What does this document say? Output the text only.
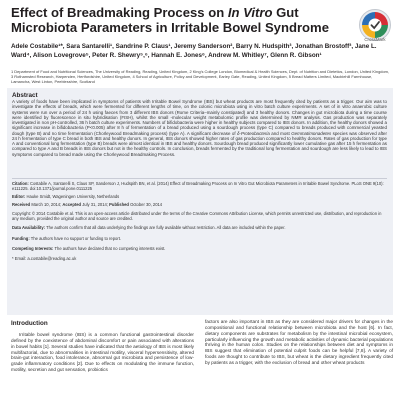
Effect of Breadmaking Process on In Vitro Gut Microbiota Parameters in Irritable Bowel Syndrome
CrossMark
Adele Costabile¹*, Sara Santarelli¹, Sandrine P. Claus¹, Jeremy Sanderson², Barry N. Hudspith³, Jonathan Brostoff³, Jane L. Ward⁴, Alison Lovegrove⁵, Peter R. Shewry⁵,⁶, Hannah E. Jones⁶, Andrew M. Whitley⁷, Glenn R. Gibson¹
1 Department of Food and Nutritional Sciences, The University of Reading, Reading, United Kingdom, 2 King's College London, Biomedical & Health Sciences, Dept. of Nutrition and Dietetics, London, United Kingdom, 3 Rothamsted Research, Harpenden, Hertfordshire, United Kingdom, 4 School of Agriculture, Policy and Development, Earley Gate, Reading, United Kingdom, 5 Bread Matters Limited, Macbiehill Farmhouse, Lamancha, West Linton, Peeblesshire, Scotland
Abstract
A variety of foods have been implicated in symptoms of patients with Irritable Bowel Syndrome (IBS) but wheat products are most frequently cited by patients as a trigger. Our aim was to investigate the effects of breads, which were fermented for different lengths of time, on the colonic microbiota using in vitro batch culture experiments. A set of in vitro anaerobic culture systems were run over a period of 24 h using faeces from 3 different IBS donors (Rome Criteria–mainly constipated) and 3 healthy donors. Changes in gut microbiota during a time course were identified by fluorescence in situ hybridisation (FISH), whilst the small -molecular weight metabolomic profile was determined by NMR analysis. Gas production was separately investigated in non pH-controlled, 36 h batch culture experiments. Numbers of bifidobacteria were higher in healthy subjects compared to IBS donors. In addition, the healthy donors showed a significant increase in bifidobacteria (P<0.005) after 8 h of fermentation of a bread produced using a sourdough process (type C) compared to breads produced with commercial yeasted dough (type B) and no time fermentation (Chorleywood Breadmaking process) (type A). A significant decrease of δ-Proteobacteria and most Gemmatimonadetes species was observed after 24 h fermentation of type C bread in both IBS and healthy donors. In general, IBS donors showed higher rates of gas production compared to healthy donors. Rates of gas production for type A and conventional long fermentation (type B) breads were almost identical in IBS and healthy donors. Sourdough bread produced significantly lower cumulative gas after 15 h fermentation as compared to type A and B breads in IBS donors but not in the healthy controls. In conclusion, breads fermented by the traditional long fermentation and sourdough are less likely to lead to IBS symptoms compared to bread made using the Chorleywood Breadmaking Process.
Citation: Costabile A, Santarelli S, Claus SP, Sanderson J, Hudspith BN, et al. (2014) Effect of Breadmaking Process on In Vitro Gut Microbiota Parameters in Irritable Bowel Syndrome. PLoS ONE 9(10): e111225. doi:10.1371/journal.pone.0111225
Editor: Hauke Smidt, Wageningen University, Netherlands
Received March 10, 2014; Accepted July 31, 2014; Published October 30, 2014
Copyright: © 2014 Costabile et al. This is an open-access article distributed under the terms of the Creative Commons Attribution License, which permits unrestricted use, distribution, and reproduction in any medium, provided the original author and source are credited.
Data Availability: The authors confirm that all data underlying the findings are fully available without restriction. All data are included within the paper.
Funding: The authors have no support or funding to report.
Competing Interests: The authors have declared that no competing interests exist.
* Email: a.costabile@reading.ac.uk
Introduction
Irritable bowel syndrome (IBS) is a common functional gastrointestinal disorder defined by the coexistence of abdominal discomfort or pain associated with alterations in bowel habits [1]. Several studies have indicated that the aetiology of IBS is most likely multifactorial, due to abnormalities in intestinal motility, visceral hypersensitivity, altered brain-gut interaction, food intolerance, abnormal gut microbiota and persistence of low-grade inflammatory conditions [2]. Due to effects on modulating the immune function, motility, secretion and gut sensation, probiotics
factors are also important in IBS as they are considered major drivers for changes in the compositional and functional relationship between microbiota and the host [6]. In fact, dietary components are substrates for metabolism by the intestinal microbial ecosystem, particularly influencing the growth and metabolic activities of dynamic bacterial populations thriving in the human colon. Studies on the relationships between diet and symptoms in IBS suggest that elimination of potential culprit foods can be helpful [7,8]. A variety of foods are thought to contribute to IBS, but wheat is the dietary ingredient frequently cited by patients as a trigger, with the exclusion of bread and other wheat products
